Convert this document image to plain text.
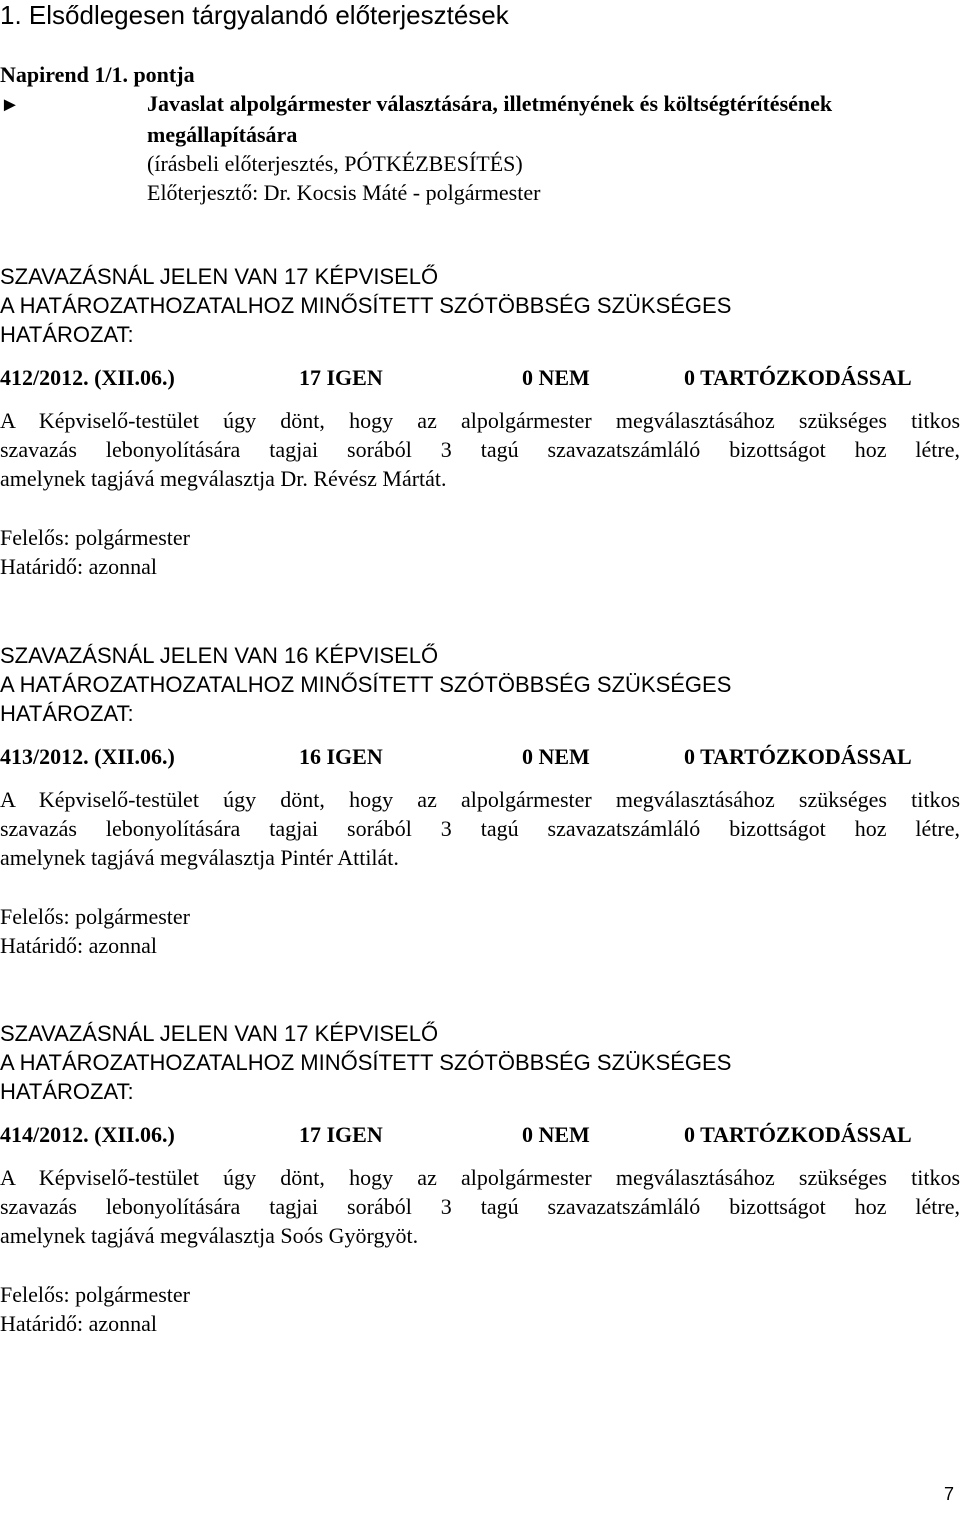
1. Elsődlegesen tárgyalandó előterjesztések
Napirend 1/1. pontja
►	Javaslat alpolgármester választására, illetményének és költségtérítésének
megállapítására
(írásbeli előterjesztés, PÓTKÉZBESÍTÉS)
Előterjesztő: Dr. Kocsis Máté - polgármester
SZAVAZÁSNÁL JELEN VAN 17 KÉPVISELŐ
A HATÁROZATHOZATALHOZ MINŐSÍTETT SZÓTÖBBSÉG SZÜKSÉGES
HATÁROZAT:
412/2012. (XII.06.)	17 IGEN	0 NEM	0 TARTÓZKODÁSSAL
A Képviselő-testület úgy dönt, hogy az alpolgármester megválasztásához szükséges titkos
szavazás lebonyolítására tagjai sorából 3 tagú szavazatszámláló bizottságot hoz létre,
amelynek tagjává megválasztja Dr. Révész Mártát.
Felelős: polgármester
Határidő: azonnal
SZAVAZÁSNÁL JELEN VAN 16 KÉPVISELŐ
A HATÁROZATHOZATALHOZ MINŐSÍTETT SZÓTÖBBSÉG SZÜKSÉGES
HATÁROZAT:
413/2012. (XII.06.)	16 IGEN	0 NEM	0 TARTÓZKODÁSSAL
A Képviselő-testület úgy dönt, hogy az alpolgármester megválasztásához szükséges titkos
szavazás lebonyolítására tagjai sorából 3 tagú szavazatszámláló bizottságot hoz létre,
amelynek tagjává megválasztja Pintér Attilát.
Felelős: polgármester
Határidő: azonnal
SZAVAZÁSNÁL JELEN VAN 17 KÉPVISELŐ
A HATÁROZATHOZATALHOZ MINŐSÍTETT SZÓTÖBBSÉG SZÜKSÉGES
HATÁROZAT:
414/2012. (XII.06.)	17 IGEN	0 NEM	0 TARTÓZKODÁSSAL
A Képviselő-testület úgy dönt, hogy az alpolgármester megválasztásához szükséges titkos
szavazás lebonyolítására tagjai sorából 3 tagú szavazatszámláló bizottságot hoz létre,
amelynek tagjává megválasztja Soós Györgyöt.
Felelős: polgármester
Határidő: azonnal
7
